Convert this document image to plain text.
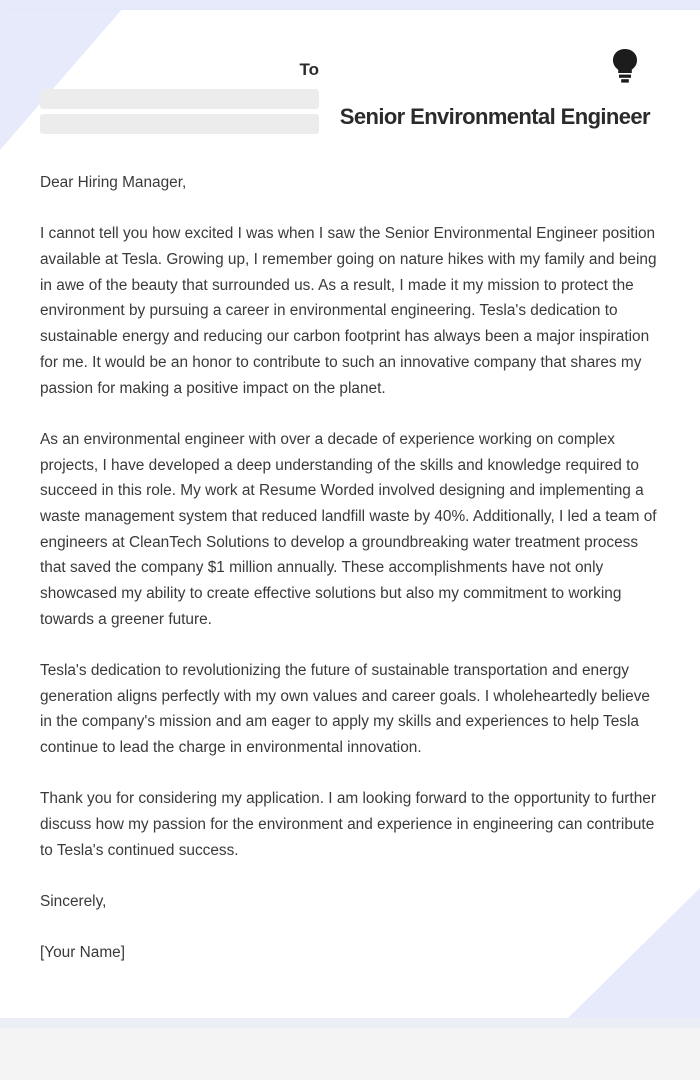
To
Senior Environmental Engineer

Dear Hiring Manager,

I cannot tell you how excited I was when I saw the Senior Environmental Engineer position available at Tesla. Growing up, I remember going on nature hikes with my family and being in awe of the beauty that surrounded us. As a result, I made it my mission to protect the environment by pursuing a career in environmental engineering. Tesla's dedication to sustainable energy and reducing our carbon footprint has always been a major inspiration for me. It would be an honor to contribute to such an innovative company that shares my passion for making a positive impact on the planet.

As an environmental engineer with over a decade of experience working on complex projects, I have developed a deep understanding of the skills and knowledge required to succeed in this role. My work at Resume Worded involved designing and implementing a waste management system that reduced landfill waste by 40%. Additionally, I led a team of engineers at CleanTech Solutions to develop a groundbreaking water treatment process that saved the company $1 million annually. These accomplishments have not only showcased my ability to create effective solutions but also my commitment to working towards a greener future.

Tesla's dedication to revolutionizing the future of sustainable transportation and energy generation aligns perfectly with my own values and career goals. I wholeheartedly believe in the company's mission and am eager to apply my skills and experiences to help Tesla continue to lead the charge in environmental innovation.

Thank you for considering my application. I am looking forward to the opportunity to further discuss how my passion for the environment and experience in engineering can contribute to Tesla's continued success.

Sincerely,

[Your Name]
